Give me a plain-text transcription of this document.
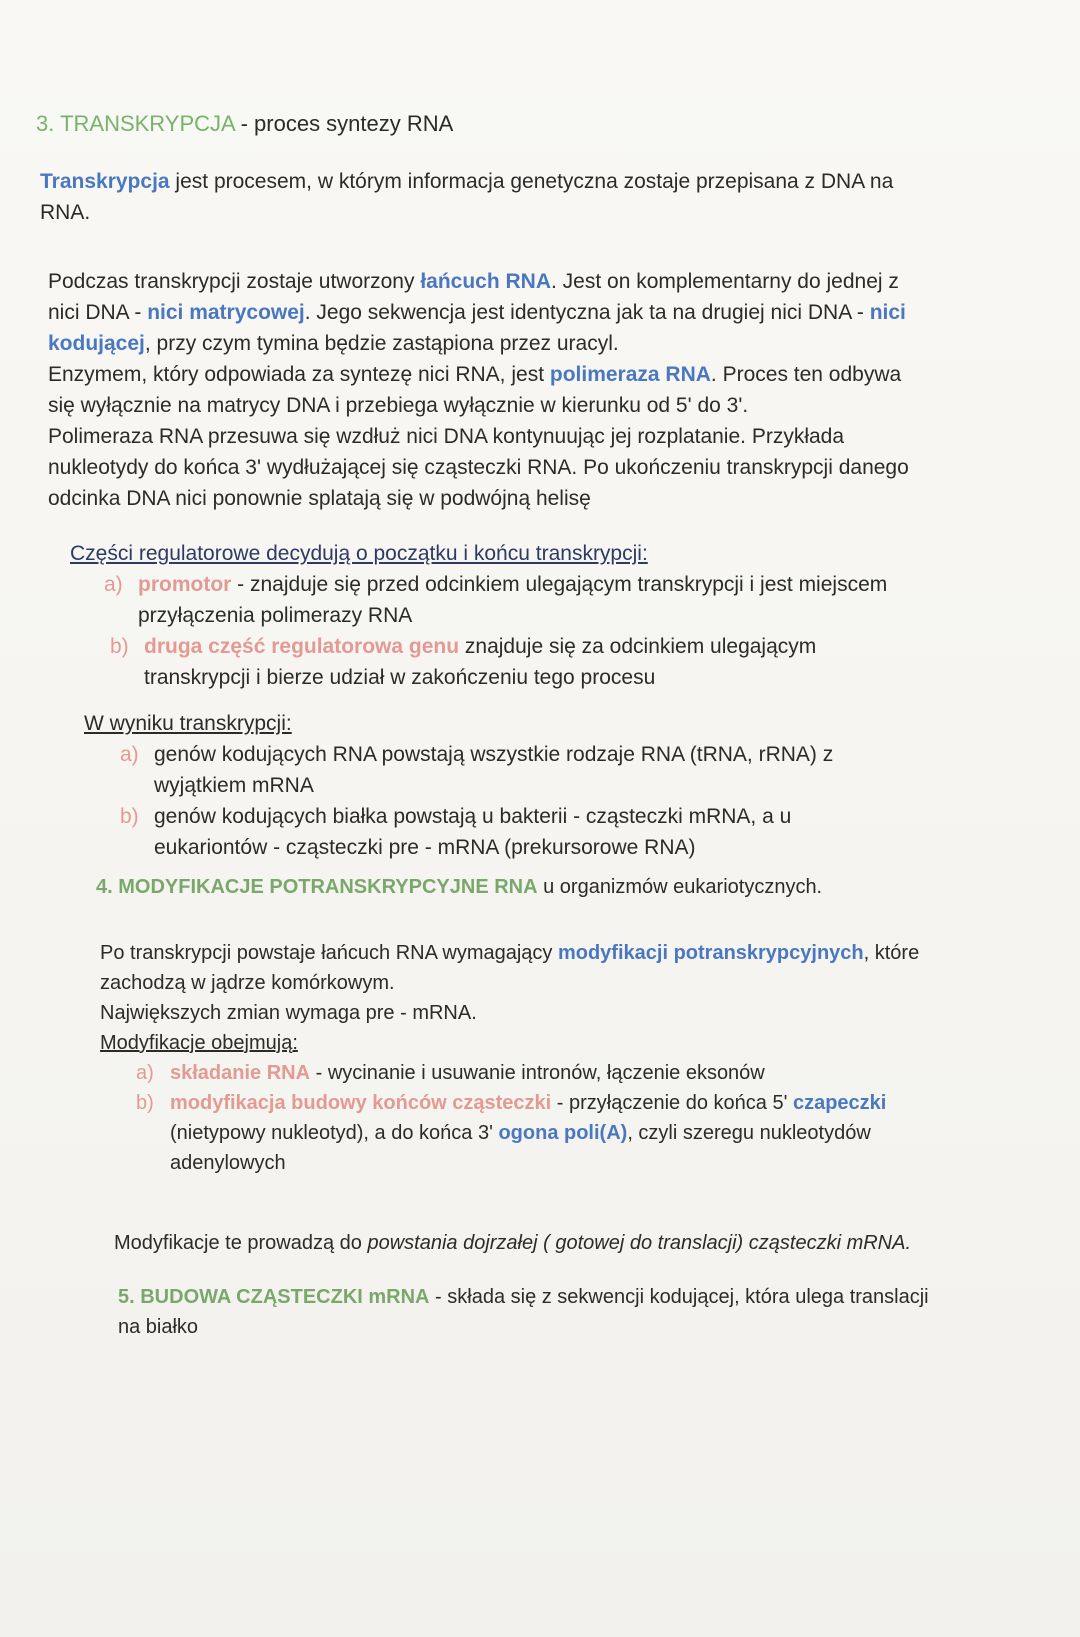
3. TRANSKRYPCJA - proces syntezy RNA
Transkrypcja jest procesem, w którym informacja genetyczna zostaje przepisana z DNA na RNA.

Podczas transkrypcji zostaje utworzony łańcuch RNA. Jest on komplementarny do jednej z nici DNA - nici matrycowej. Jego sekwencja jest identyczna jak ta na drugiej nici DNA - nici kodującej, przy czym tymina będzie zastąpiona przez uracyl.

Enzymem, który odpowiada za syntezę nici RNA, jest polimeraza RNA. Proces ten odbywa się wyłącznie na matrycy DNA i przebiega wyłącznie w kierunku od 5' do 3'.

Polimeraza RNA przesuwa się wzdłuż nici DNA kontynuując jej rozplatanie. Przykłada nukleotydy do końca 3' wydłużającej się cząsteczki RNA. Po ukończeniu transkrypcji danego odcinka DNA nici ponownie splatają się w podwójną helisę

Części regulatorowe decydują o początku i końcu transkrypcji:

a) promotor - znajduje się przed odcinkiem ulegającym transkrypcji i jest miejscem przyłączenia polimerazy RNA
b) druga część regulatorowa genu znajduje się za odcinkiem ulegającym transkrypcji i bierze udział w zakończeniu tego procesu

W wyniku transkrypcji:

a) genów kodujących RNA powstają wszystkie rodzaje RNA (tRNA, rRNA) z wyjątkiem mRNA
b) genów kodujących białka powstają u bakterii - cząsteczki mRNA, a u eukariontów - cząsteczki pre - mRNA (prekursorowe RNA)
4. MODYFIKACJE POTRANSKRYPCYJNE RNA u organizmów eukariotycznych.

Po transkrypcji powstaje łańcuch RNA wymagający modyfikacji potranskrypcyjnych, które zachodzą w jądrze komórkowym.

Największych zmian wymaga pre - mRNA.

Modyfikacje obejmują:

a) składanie RNA - wycinanie i usuwanie intronów, łączenie eksonów
b) modyfikacja budowy końców cząsteczki - przyłączenie do końca 5' czapeczki (nietypowy nukleotyd), a do końca 3' ogona poli(A), czyli szeregu nukleotydów adenylowych
Modyfikacje te prowadzą do powstania dojrzałej ( gotowej do translacji) cząsteczki mRNA.
5. BUDOWA CZĄSTECZKI mRNA - składa się z sekwencji kodującej, która ulega translacji na białko
